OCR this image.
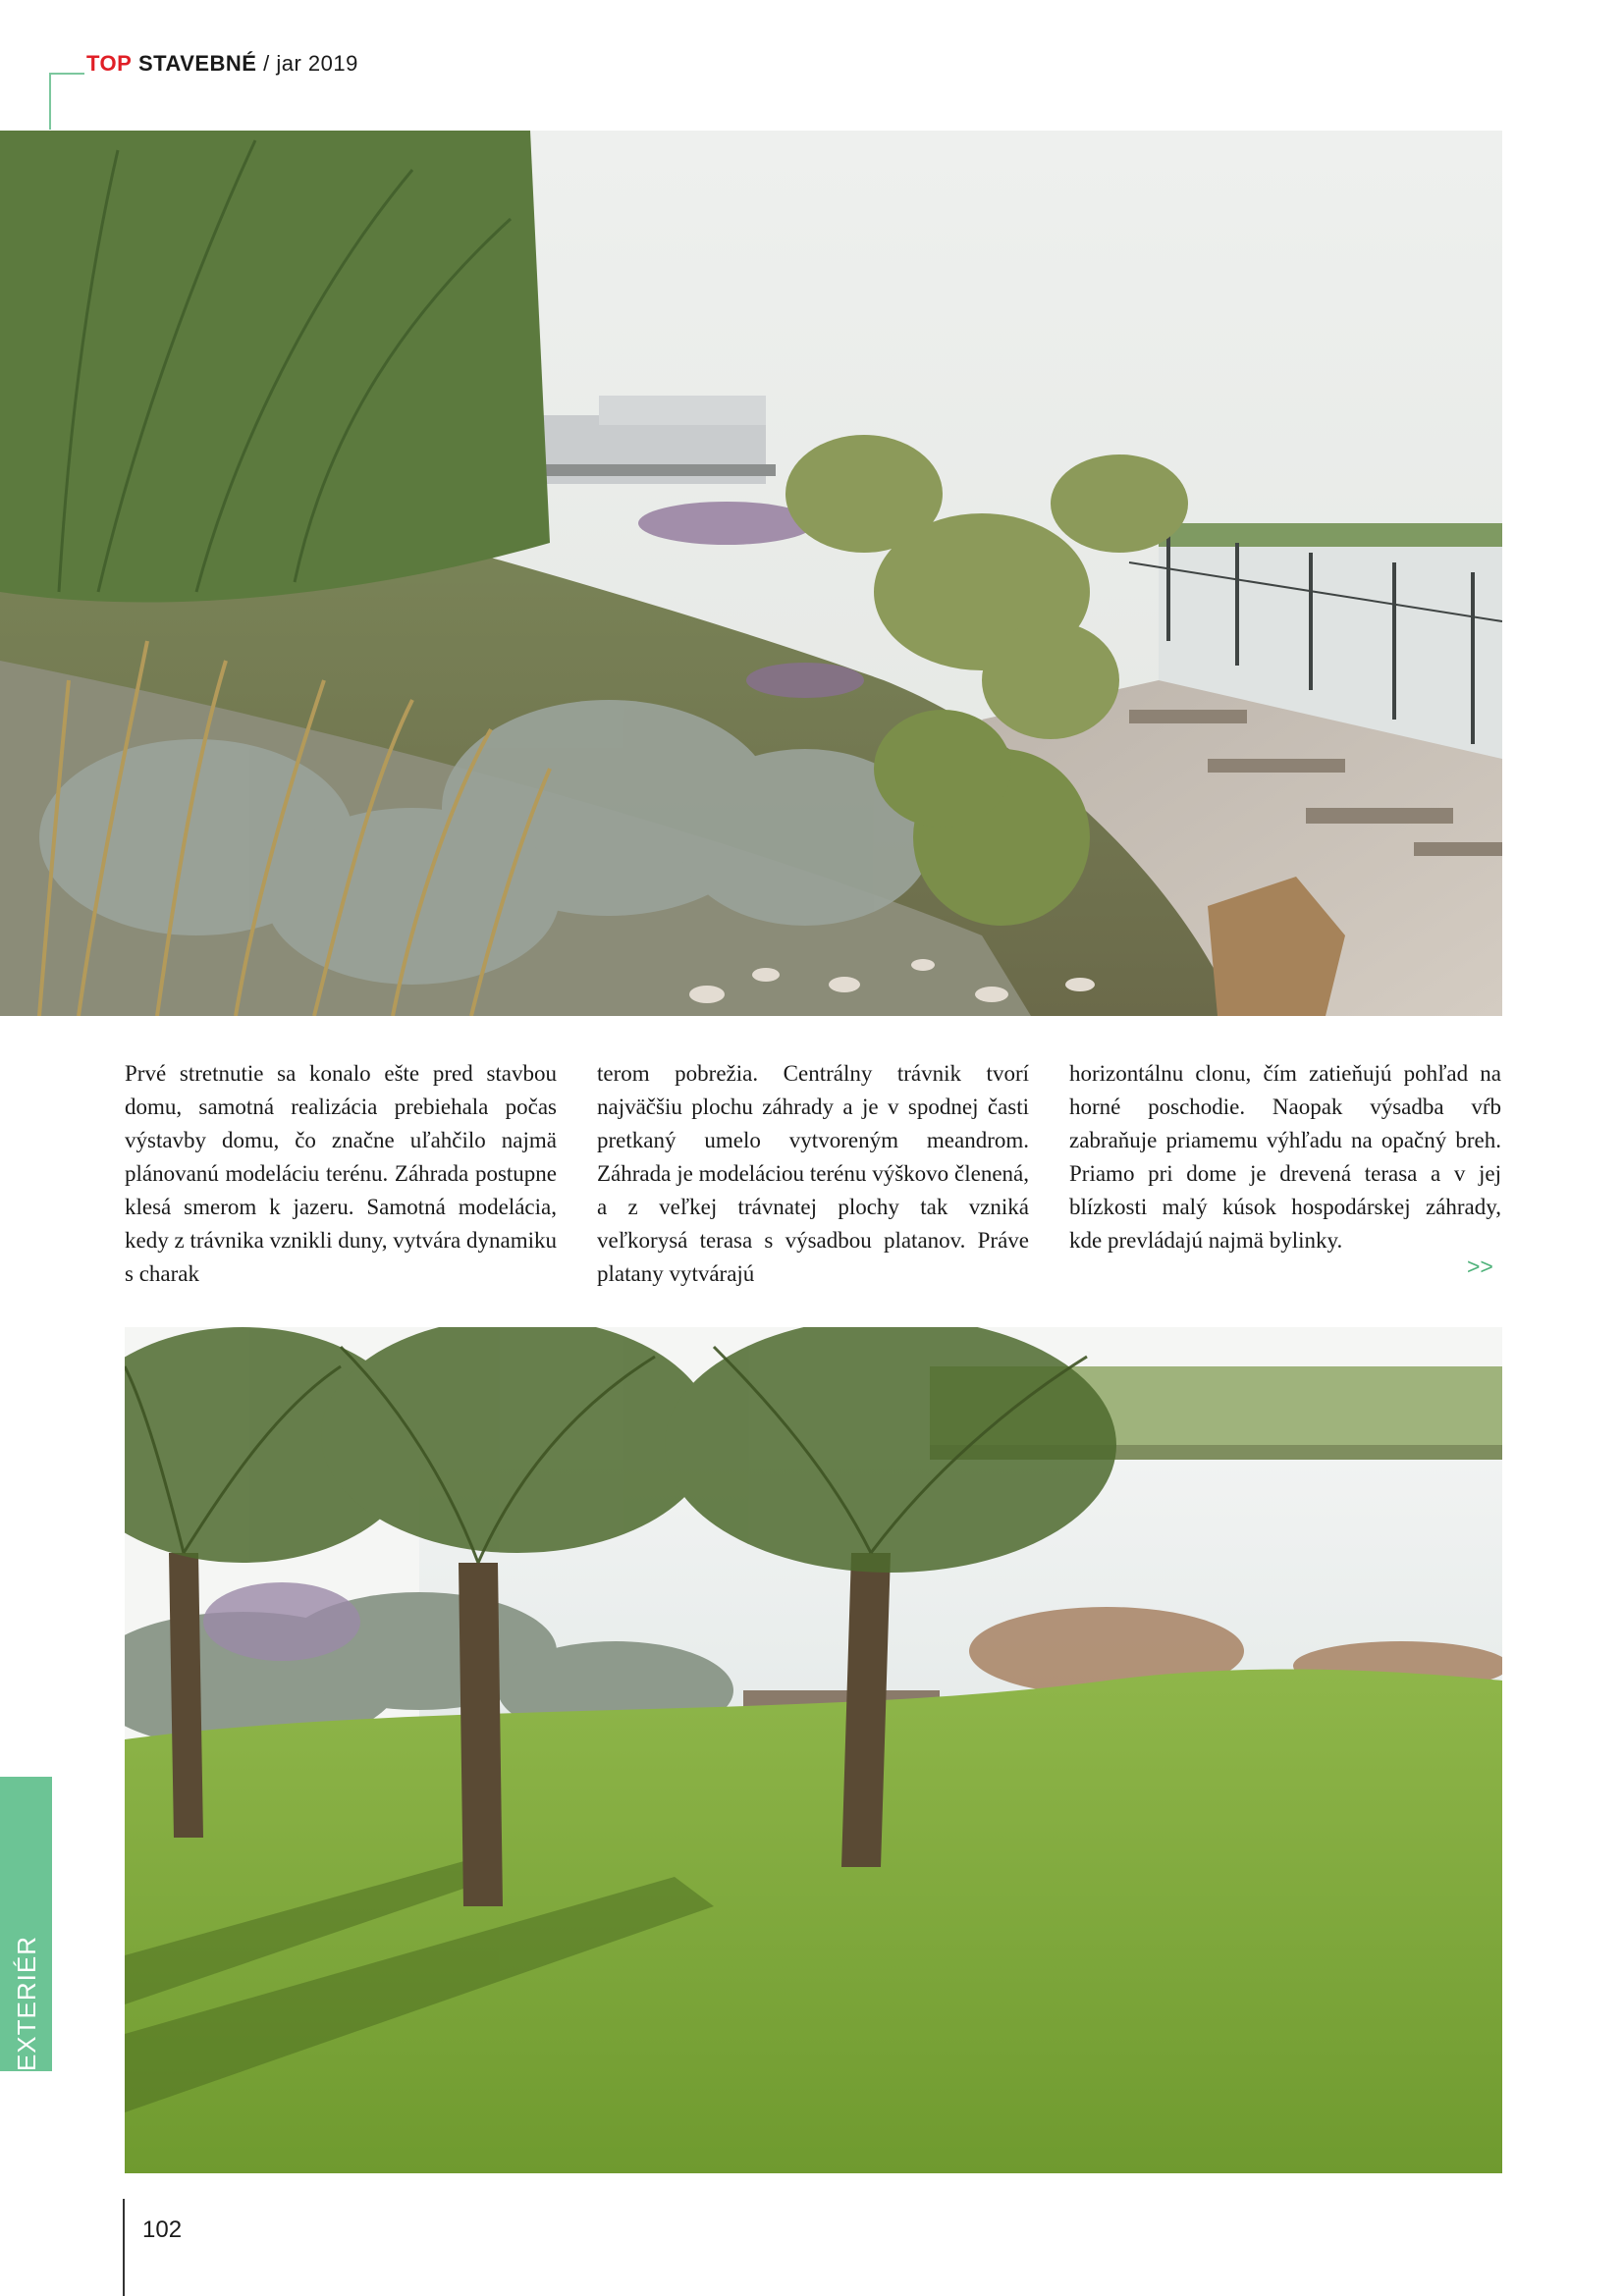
TOP STAVEBNÉ / jar 2019

Prvé stretnutie sa konalo ešte pred stavbou domu, samotná realizácia prebiehala počas výstavby domu, čo značne uľahčilo najmä plánovanú modeláciu terénu. Záhrada postupne klesá smerom k jazeru. Samotná modelácia, kedy z trávnika vznikli duny, vytvára dynamiku s charak

terom pobrežia. Centrálny trávnik tvorí najväčšiu plochu záhrady a je v spodnej časti pretkaný umelo vytvoreným meandrom. Záhrada je modeláciou terénu výškovo členená, a z veľkej trávnatej plochy tak vzniká veľkorysá terasa s výsadbou platanov. Práve platany vytvárajú

horizontálnu clonu, čím zatieňujú pohľad na horné poschodie. Naopak výsadba vŕb zabraňuje priamemu výhľadu na opačný breh. Priamo pri dome je drevená terasa a v jej blízkosti malý kúsok hospodárskej záhrady, kde prevládajú najmä bylinky.

>>
EXTERIÉR
102
